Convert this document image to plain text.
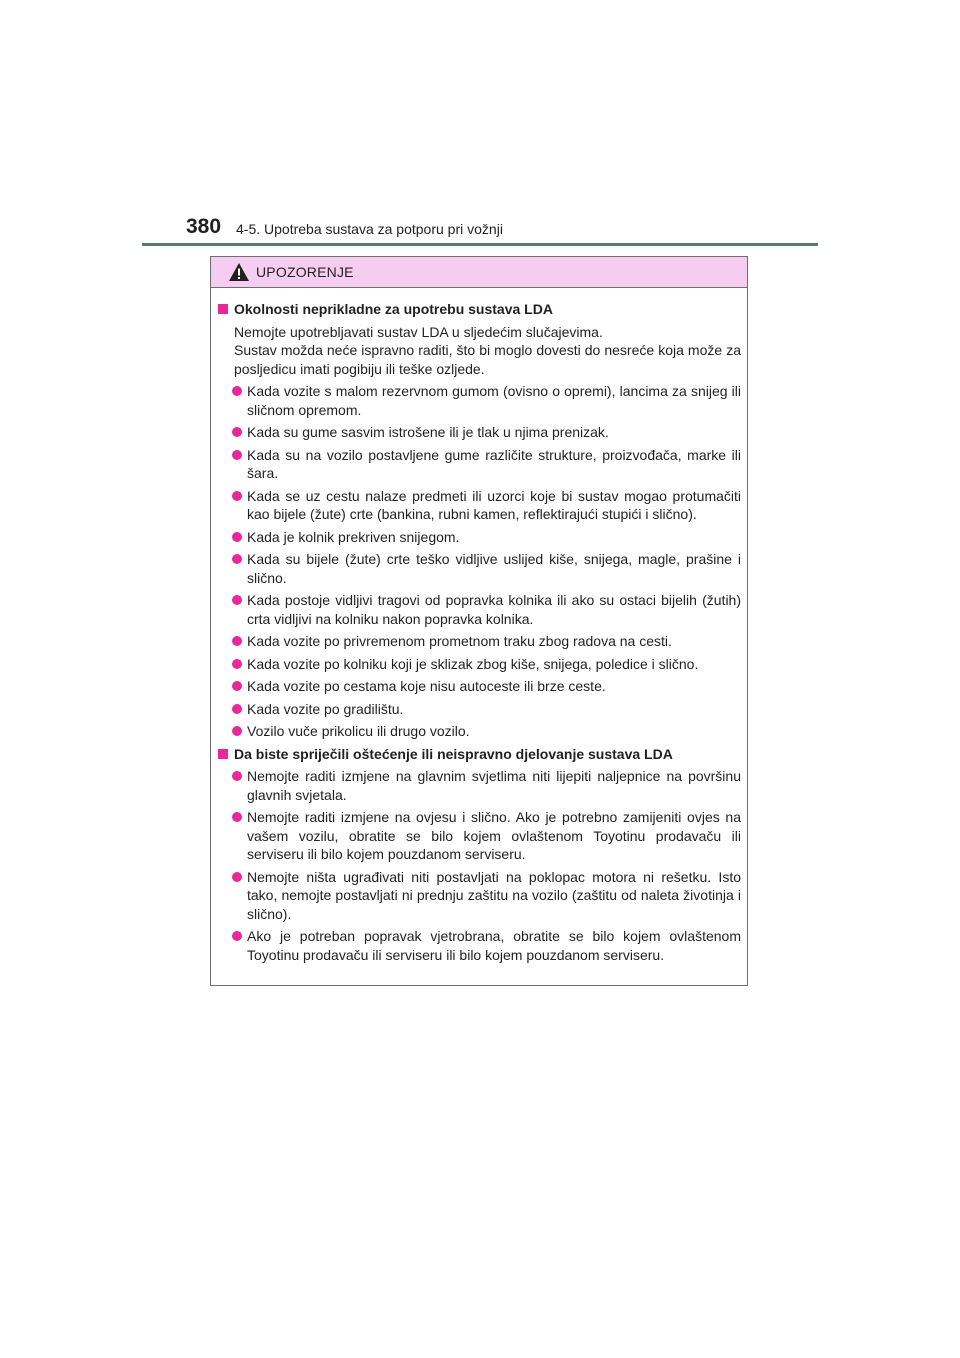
380 4-5. Upotreba sustava za potporu pri vožnji
UPOZORENJE
Okolnosti neprikladne za upotrebu sustava LDA
Nemojte upotrebljavati sustav LDA u sljedećim slučajevima.
Sustav možda neće ispravno raditi, što bi moglo dovesti do nesreće koja može za posljedicu imati pogibiju ili teške ozljede.
Kada vozite s malom rezervnom gumom (ovisno o opremi), lancima za snijeg ili sličnom opremom.
Kada su gume sasvim istrošene ili je tlak u njima prenizak.
Kada su na vozilo postavljene gume različite strukture, proizvođača, marke ili šara.
Kada se uz cestu nalaze predmeti ili uzorci koje bi sustav mogao protumačiti kao bijele (žute) crte (bankina, rubni kamen, reflektirajući stupići i slično).
Kada je kolnik prekriven snijegom.
Kada su bijele (žute) crte teško vidljive uslijed kiše, snijega, magle, prašine i slično.
Kada postoje vidljivi tragovi od popravka kolnika ili ako su ostaci bijelih (žutih) crta vidljivi na kolniku nakon popravka kolnika.
Kada vozite po privremenom prometnom traku zbog radova na cesti.
Kada vozite po kolniku koji je sklizak zbog kiše, snijega, poledice i slično.
Kada vozite po cestama koje nisu autoceste ili brze ceste.
Kada vozite po gradilištu.
Vozilo vuče prikolicu ili drugo vozilo.
Da biste spriječili oštećenje ili neispravno djelovanje sustava LDA
Nemojte raditi izmjene na glavnim svjetlima niti lijepiti naljepnice na površinu glavnih svjetala.
Nemojte raditi izmjene na ovjesu i slično. Ako je potrebno zamijeniti ovjes na vašem vozilu, obratite se bilo kojem ovlaštenom Toyotinu prodavaču ili serviseru ili bilo kojem pouzdanom serviseru.
Nemojte ništa ugrađivati niti postavljati na poklopac motora ni rešetku. Isto tako, nemojte postavljati ni prednju zaštitu na vozilo (zaštitu od naleta životinja i slično).
Ako je potreban popravak vjetrobrana, obratite se bilo kojem ovlaštenom Toyotinu prodavaču ili serviseru ili bilo kojem pouzdanom serviseru.
